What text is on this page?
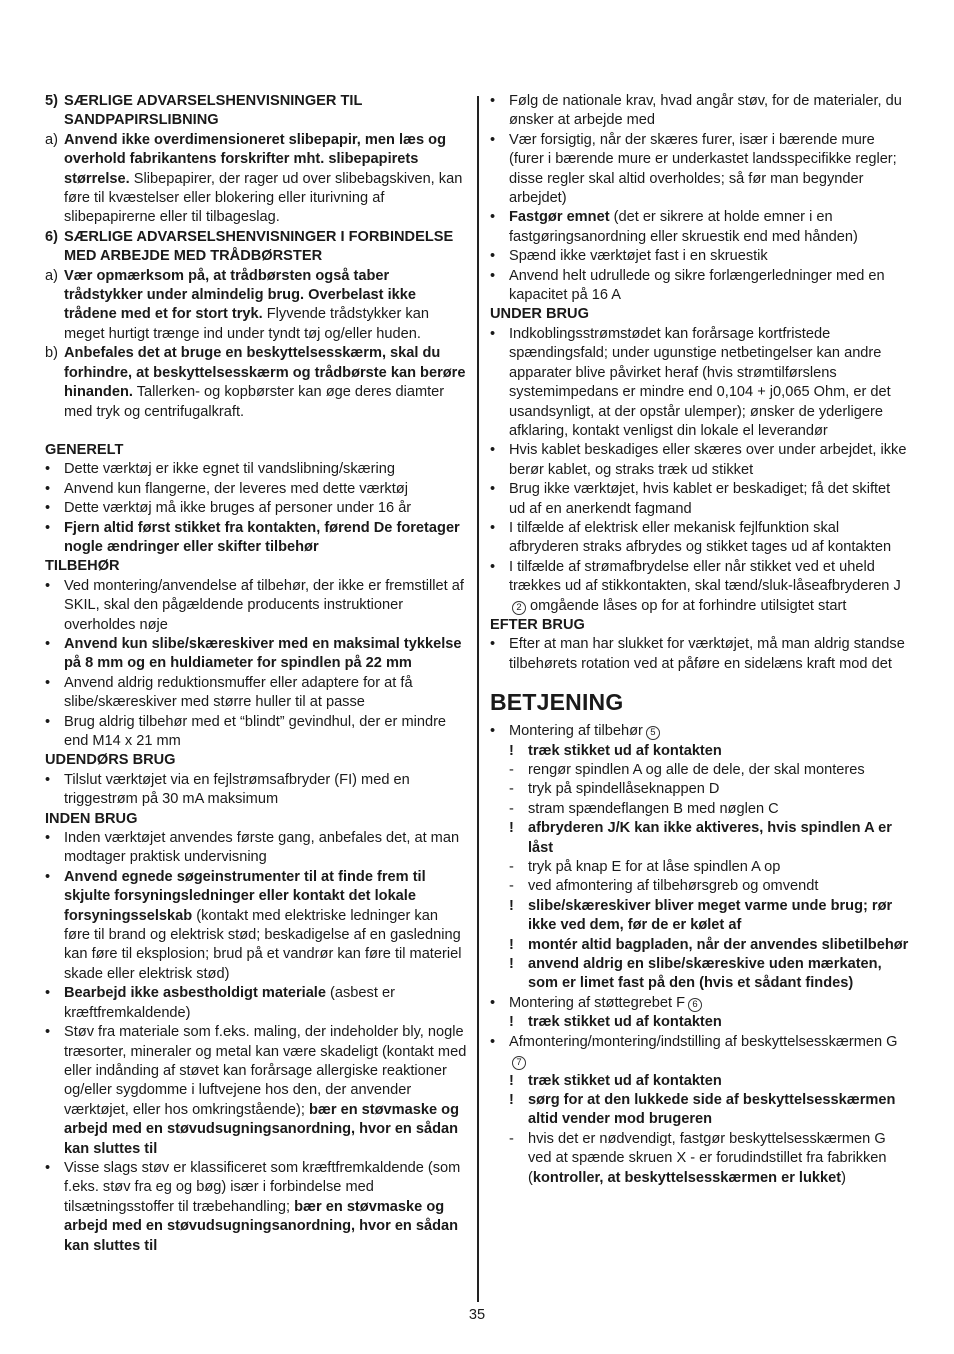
5) SÆRLIGE ADVARSELSHENVISNINGER TIL SANDPAPIRSLIBNING
a) Anvend ikke overdimensioneret slibepapir, men læs og overhold fabrikantens forskrifter mht. slibepapirets størrelse. Slibepapirer, der rager ud over slibebagskiven, kan føre til kvæstelser eller blokering eller iturivning af slibepapirerne eller til tilbageslag.
6) SÆRLIGE ADVARSELSHENVISNINGER I FORBINDELSE MED ARBEJDE MED TRÅDBØRSTER
a) Vær opmærksom på, at trådbørsten også taber trådstykker under almindelig brug. Overbelast ikke trådene med et for stort tryk. Flyvende trådstykker kan meget hurtigt trænge ind under tyndt tøj og/eller huden.
b) Anbefales det at bruge en beskyttelsesskærm, skal du forhindre, at beskyttelsesskærm og trådbørste kan berøre hinanden. Tallerken- og kopbørster kan øge deres diamter med tryk og centrifugalkraft.
GENERELT
• Dette værktøj er ikke egnet til vandslibning/skæring
• Anvend kun flangerne, der leveres med dette værktøj
• Dette værktøj må ikke bruges af personer under 16 år
• Fjern altid først stikket fra kontakten, førend De foretager nogle ændringer eller skifter tilbehør
TILBEHØR
• Ved montering/anvendelse af tilbehør, der ikke er fremstillet af SKIL, skal den pågældende producents instruktioner overholdes nøje
• Anvend kun slibe/skæreskiver med en maksimal tykkelse på 8 mm og en huldiameter for spindlen på 22 mm
• Anvend aldrig reduktionsmuffer eller adaptere for at få slibe/skæreskiver med større huller til at passe
• Brug aldrig tilbehør med et “blindt” gevindhul, der er mindre end M14 x 21 mm
UDENDØRS BRUG
• Tilslut værktøjet via en fejlstrømsafbryder (FI) med en triggestrøm på 30 mA maksimum
INDEN BRUG
• Inden værktøjet anvendes første gang, anbefales det, at man modtager praktisk undervisning
• Anvend egnede søgeinstrumenter til at finde frem til skjulte forsyningsledninger eller kontakt det lokale forsyningsselskab (kontakt med elektriske ledninger kan føre til brand og elektrisk stød; beskadigelse af en gasledning kan føre til eksplosion; brud på et vandrør kan føre til materiel skade eller elektrisk stød)
• Bearbejd ikke asbestholdigt materiale (asbest er kræftfremkaldende)
• Støv fra materiale som f.eks. maling, der indeholder bly, nogle træsorter, mineraler og metal kan være skadeligt (kontakt med eller indånding af støvet kan forårsage allergiske reaktioner og/eller sygdomme i luftvejene hos den, der anvender værktøjet, eller hos omkringstående); bær en støvmaske og arbejd med en støvudsugningsanordning, hvor en sådan kan sluttes til
• Visse slags støv er klassificeret som kræftfremkaldende (som f.eks. støv fra eg og bøg) især i forbindelse med tilsætningsstoffer til træbehandling; bær en støvmaske og arbejd med en støvudsugningsanordning, hvor en sådan kan sluttes til
• Følg de nationale krav, hvad angår støv, for de materialer, du ønsker at arbejde med
• Vær forsigtig, når der skæres furer, især i bærende mure (furer i bærende mure er underkastet landsspecifikke regler; disse regler skal altid overholdes; så før man begynder arbejdet)
• Fastgør emnet (det er sikrere at holde emner i en fastgøringsanordning eller skruestik end med hånden)
• Spænd ikke værktøjet fast i en skruestik
• Anvend helt udrullede og sikre forlængerledninger med en kapacitet på 16 A
UNDER BRUG
• Indkoblingsstrømstødet kan forårsage kortfristede spændingsfald; under ugunstige netbetingelser kan andre apparater blive påvirket heraf (hvis strømtilførslens systemimpedans er mindre end 0,104 + j0,065 Ohm, er det usandsynligt, at der opstår ulemper); ønsker de yderligere afklaring, kontakt venligst din lokale el leverandør
• Hvis kablet beskadiges eller skæres over under arbejdet, ikke berør kablet, og straks træk ud stikket
• Brug ikke værktøjet, hvis kablet er beskadiget; få det skiftet ud af en anerkendt fagmand
• I tilfælde af elektrisk eller mekanisk fejlfunktion skal afbryderen straks afbrydes og stikket tages ud af kontakten
• I tilfælde af strømafbrydelse eller når stikket ved et uheld trækkes ud af stikkontakten, skal tænd/sluk-låseafbryderen J2 omgående låses op for at forhindre utilsigtet start
EFTER BRUG
• Efter at man har slukket for værktøjet, må man aldrig standse tilbehørets rotation ved at påføre en sidelæns kraft mod det
BETJENING
• Montering af tilbehør 5
! træk stikket ud af kontakten
- rengør spindlen A og alle de dele, der skal monteres
- tryk på spindellåseknappen D
- stram spændeflangen B med nøglen C
! afbryderen J/K kan ikke aktiveres, hvis spindlen A er låst
- tryk på knap E for at låse spindlen A op
- ved afmontering af tilbehørsgreb og omvendt
! slibe/skæreskiver bliver meget varme unde brug; rør ikke ved dem, før de er kølet af
! montér altid bagpladen, når der anvendes slibetilbehør
! anvend aldrig en slibe/skæreskive uden mærkaten, som er limet fast på den (hvis et sådant findes)
• Montering af støttegrebet F 6
! træk stikket ud af kontakten
• Afmontering/montering/indstilling af beskyttelsesskærmen G7
! træk stikket ud af kontakten
! sørg for at den lukkede side af beskyttelsesskærmen altid vender mod brugeren
- hvis det er nødvendigt, fastgør beskyttelsesskærmen G ved at spænde skruen X - er forudindstillet fra fabrikken (kontroller, at beskyttelsesskærmen er lukket)
35
